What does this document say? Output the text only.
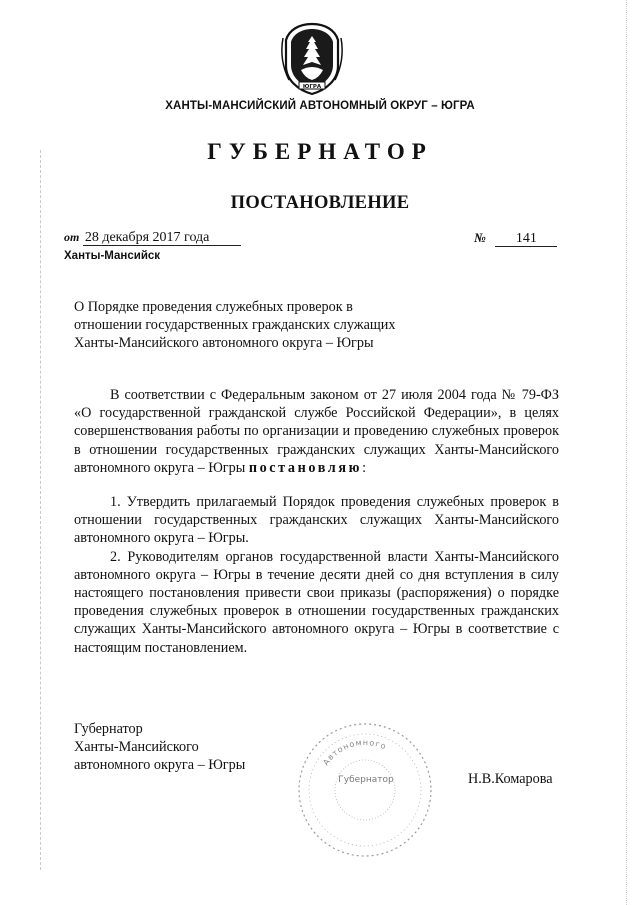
ЮГРА
ХАНТЫ-МАНСИЙСКИЙ АВТОНОМНЫЙ ОКРУГ – ЮГРА
ГУБЕРНАТОР
ПОСТАНОВЛЕНИЕ
от 28 декабря 2017 года	№ 141
Ханты-Мансийск
О Порядке проведения служебных проверок в
отношении государственных гражданских служащих
Ханты-Мансийского автономного округа – Югры

В соответствии с Федеральным законом от 27 июля 2004 года № 79-ФЗ «О государственной гражданской службе Российской Федерации», в целях совершенствования работы по организации и проведению служебных проверок в отношении государственных гражданских служащих Ханты-Мансийского автономного округа – Югры постановляю:

1. Утвердить прилагаемый Порядок проведения служебных проверок в отношении государственных гражданских служащих Ханты-Мансийского автономного округа – Югры.

2. Руководителям органов государственной власти Ханты-Мансийского автономного округа – Югры в течение десяти дней со дня вступления в силу настоящего постановления привести свои приказы (распоряжения) о порядке проведения служебных проверок в отношении государственных гражданских служащих Ханты-Мансийского автономного округа – Югры в соответствие с настоящим постановлением.

Губернатор
Ханты-Мансийского
автономного округа – Югры	Автономного
Губернатор	Н.В.Комарова
